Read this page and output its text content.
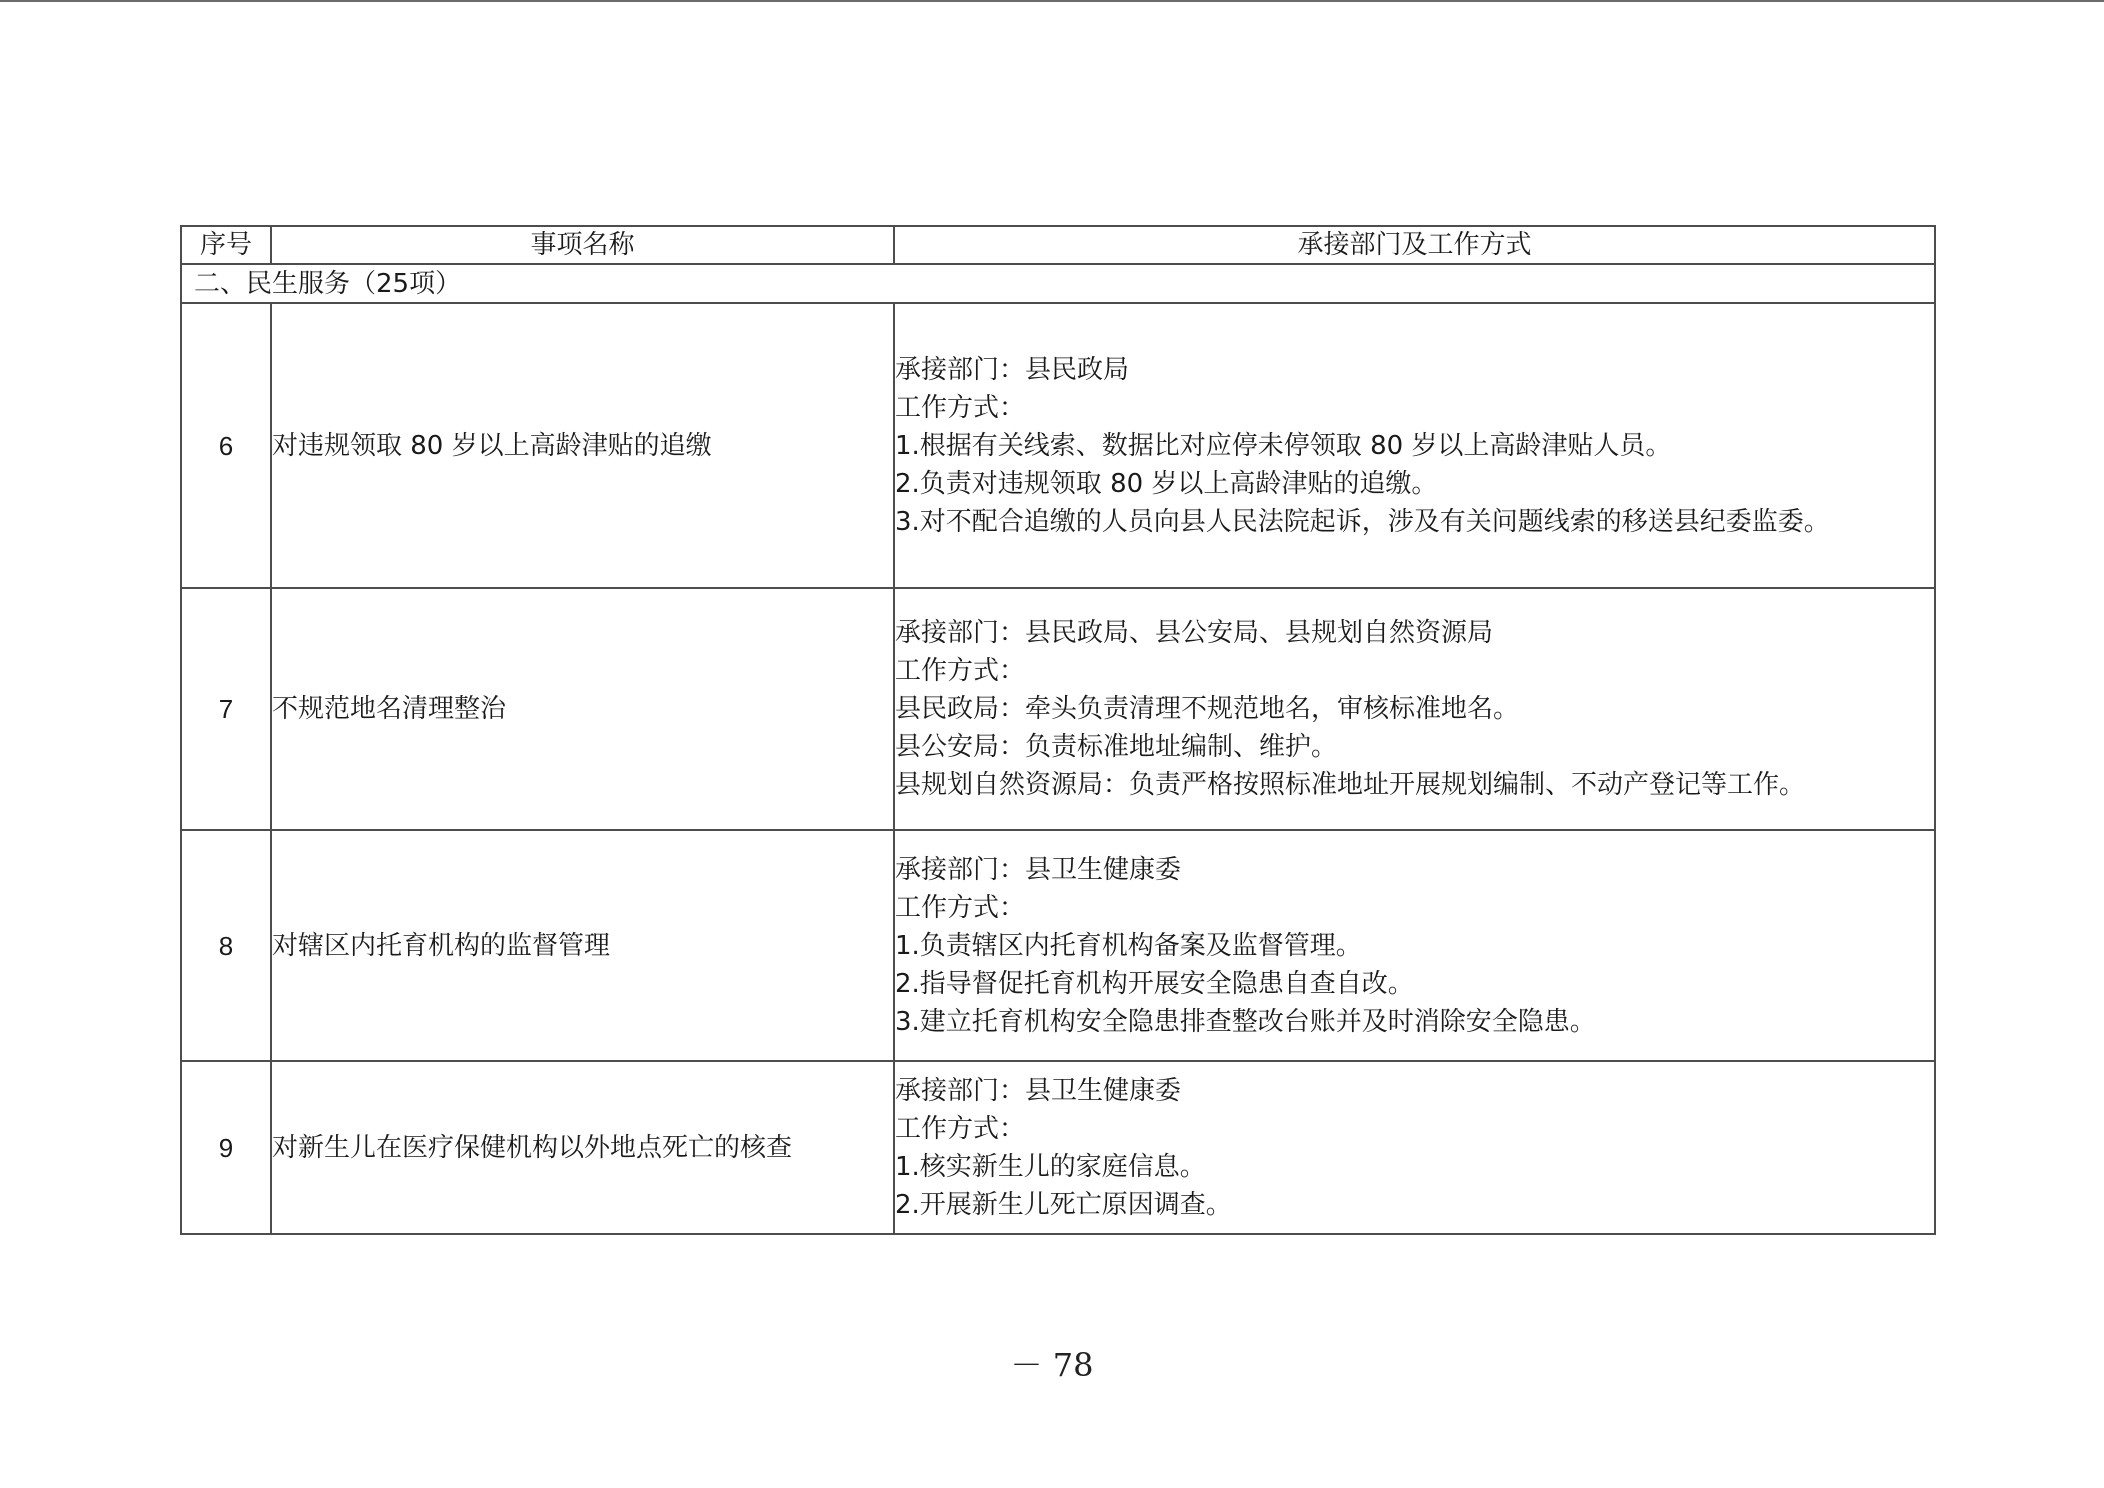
序号	事项名称	承接部门及工作方式
二、民生服务（25项）		
6	对违规领取 80 岁以上高龄津贴的追缴	承接部门：县民政局
工作方式：
1.根据有关线索、数据比对应停未停领取 80 岁以上高龄津贴人员。
2.负责对违规领取 80 岁以上高龄津贴的追缴。
3.对不配合追缴的人员向县人民法院起诉，涉及有关问题线索的移送县纪委监委。

7	不规范地名清理整治	承接部门：县民政局、县公安局、县规划自然资源局
工作方式：
县民政局：牵头负责清理不规范地名，审核标准地名。
县公安局：负责标准地址编制、维护。
县规划自然资源局：负责严格按照标准地址开展规划编制、不动产登记等工作。

8	对辖区内托育机构的监督管理	承接部门：县卫生健康委
工作方式：
1.负责辖区内托育机构备案及监督管理。
2.指导督促托育机构开展安全隐患自查自改。
3.建立托育机构安全隐患排查整改台账并及时消除安全隐患。

9	对新生儿在医疗保健机构以外地点死亡的核查	承接部门：县卫生健康委
工作方式：
1.核实新生儿的家庭信息。
2.开展新生儿死亡原因调查。
－ 78
